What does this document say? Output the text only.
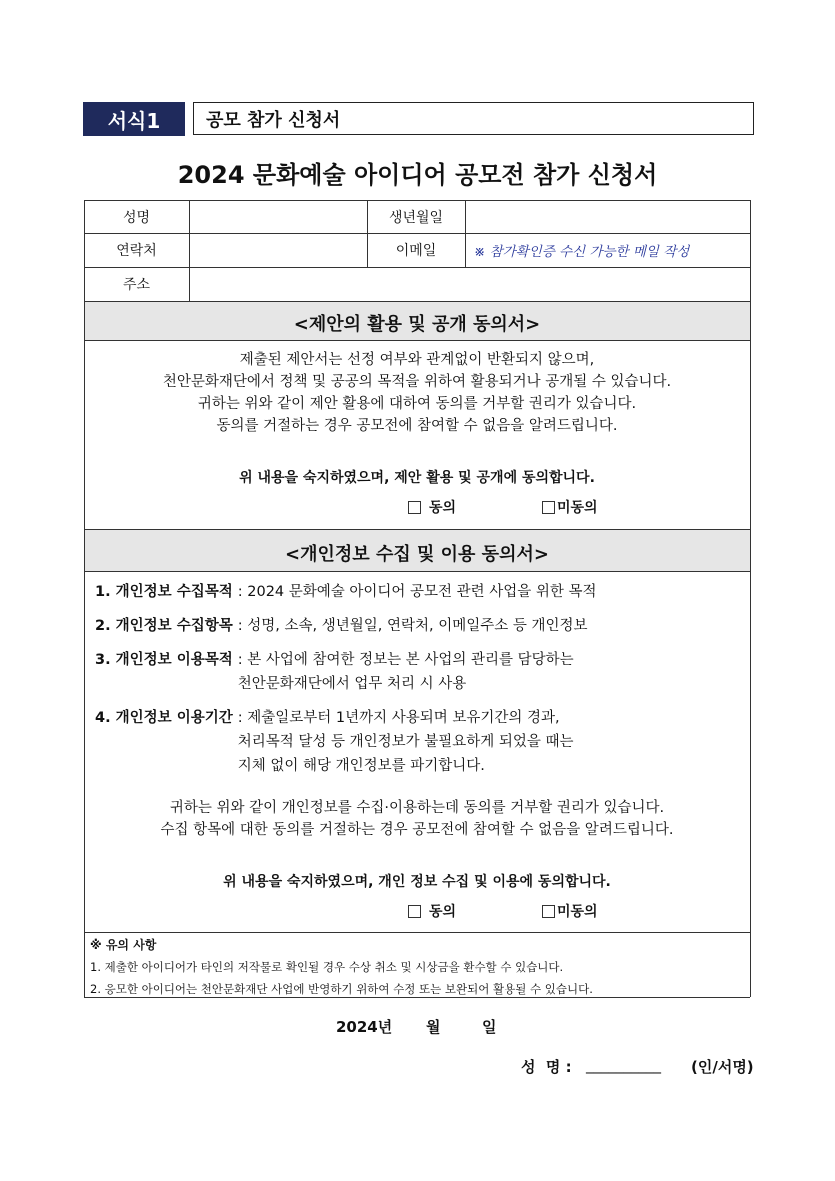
서식1	공모 참가 신청서
2024 문화예술 아이디어 공모전 참가 신청서
성명	생년월일
연락처	이메일	※ 참가확인증 수신 가능한 메일 작성
주소
<제안의 활용 및 공개 동의서>
제출된 제안서는 선정 여부와 관계없이 반환되지 않으며,
천안문화재단에서 정책 및 공공의 목적을 위하여 활용되거나 공개될 수 있습니다.
귀하는 위와 같이 제안 활용에 대하여 동의를 거부할 권리가 있습니다.
동의를 거절하는 경우 공모전에 참여할 수 없음을 알려드립니다.
위 내용을 숙지하였으며, 제안 활용 및 공개에 동의합니다.
동의	미동의
<개인정보 수집 및 이용 동의서>
1. 개인정보 수집목적 : 2024 문화예술 아이디어 공모전 관련 사업을 위한 목적
2. 개인정보 수집항목 : 성명, 소속, 생년월일, 연락처, 이메일주소 등 개인정보
3. 개인정보 이용목적 : 본 사업에 참여한 정보는 본 사업의 관리를 담당하는
천안문화재단에서 업무 처리 시 사용
4. 개인정보 이용기간 : 제출일로부터 1년까지 사용되며 보유기간의 경과,
처리목적 달성 등 개인정보가 불필요하게 되었을 때는
지체 없이 해당 개인정보를 파기합니다.
귀하는 위와 같이 개인정보를 수집·이용하는데 동의를 거부할 권리가 있습니다.
수집 항목에 대한 동의를 거절하는 경우 공모전에 참여할 수 없음을 알려드립니다.
위 내용을 숙지하였으며, 개인 정보 수집 및 이용에 동의합니다.
동의	미동의
※ 유의 사항
1. 제출한 아이디어가 타인의 저작물로 확인될 경우 수상 취소 및 시상금을 환수할 수 있습니다.
2. 응모한 아이디어는 천안문화재단 사업에 반영하기 위하여 수정 또는 보완되어 활용될 수 있습니다.
2024년 월	일
성  명 : __________ (인/서명)
